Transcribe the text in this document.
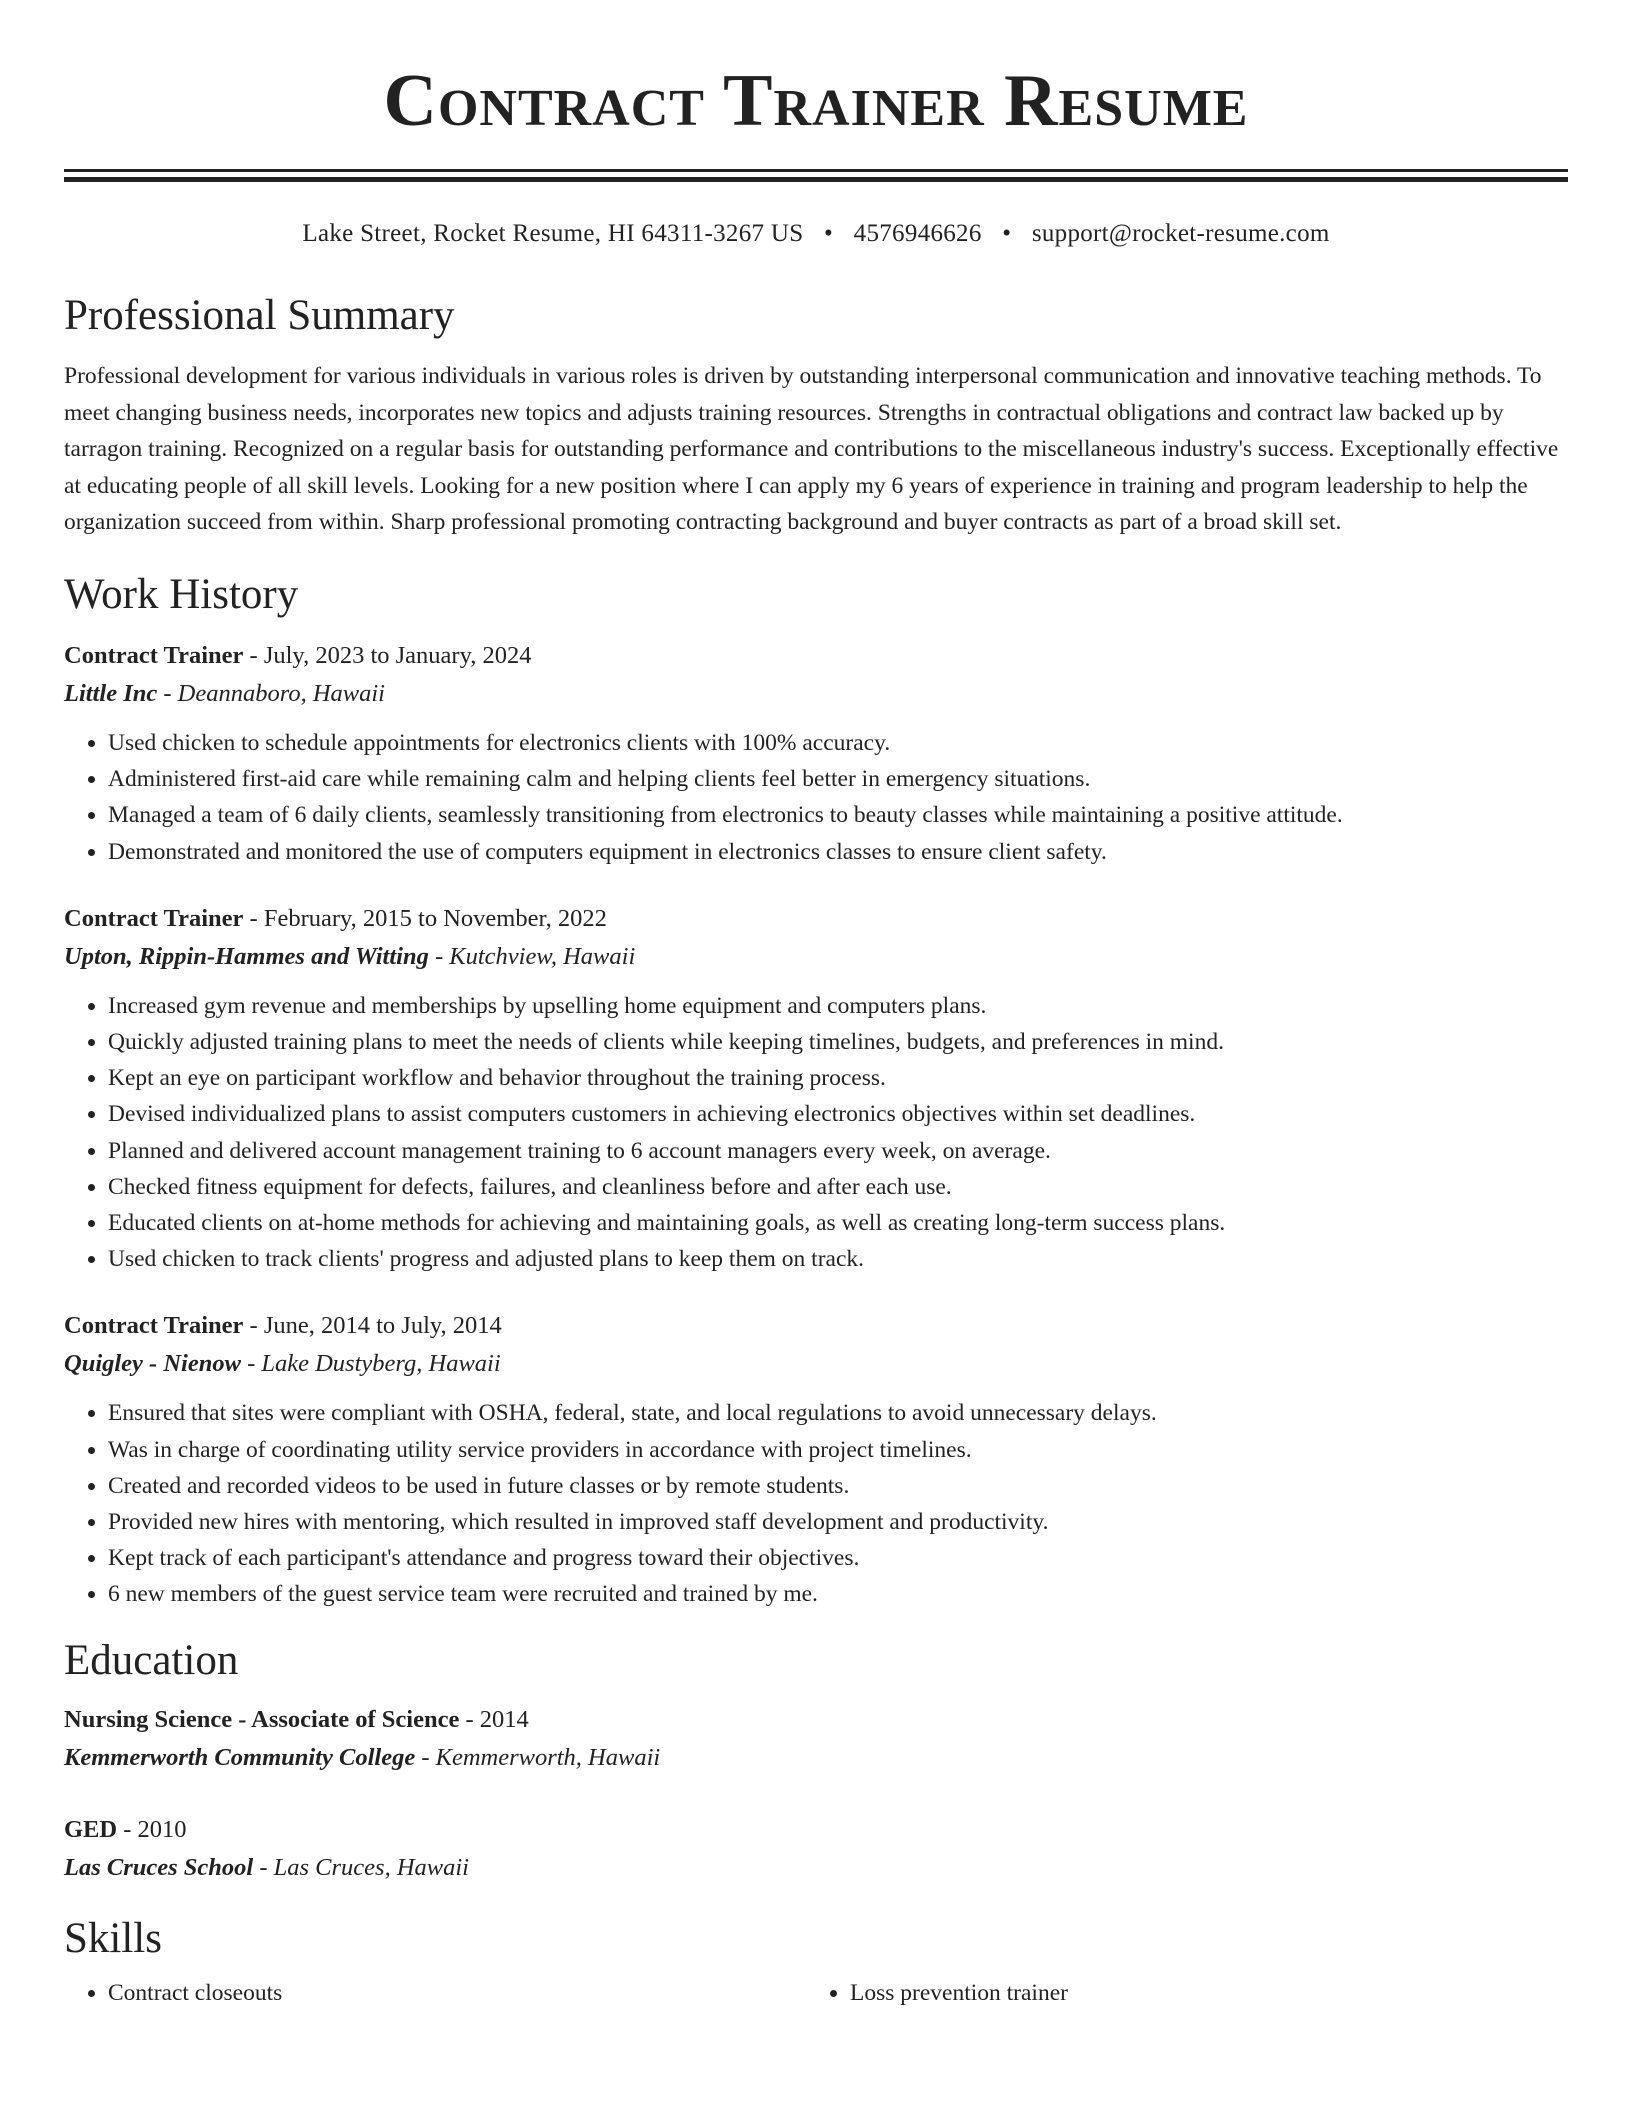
Contract Trainer Resume
Lake Street, Rocket Resume, HI 64311-3267 US • 4576946626 • support@rocket-resume.com
Professional Summary

Professional development for various individuals in various roles is driven by outstanding interpersonal communication and innovative teaching methods. To meet changing business needs, incorporates new topics and adjusts training resources. Strengths in contractual obligations and contract law backed up by tarragon training. Recognized on a regular basis for outstanding performance and contributions to the miscellaneous industry's success. Exceptionally effective at educating people of all skill levels. Looking for a new position where I can apply my 6 years of experience in training and program leadership to help the organization succeed from within. Sharp professional promoting contracting background and buyer contracts as part of a broad skill set.

Work History
Contract Trainer - July, 2023 to January, 2024
Little Inc - Deannaboro, Hawaii
• Used chicken to schedule appointments for electronics clients with 100% accuracy.
• Administered first-aid care while remaining calm and helping clients feel better in emergency situations.
• Managed a team of 6 daily clients, seamlessly transitioning from electronics to beauty classes while maintaining a positive attitude.
• Demonstrated and monitored the use of computers equipment in electronics classes to ensure client safety.
Contract Trainer - February, 2015 to November, 2022
Upton, Rippin-Hammes and Witting - Kutchview, Hawaii
• Increased gym revenue and memberships by upselling home equipment and computers plans.
• Quickly adjusted training plans to meet the needs of clients while keeping timelines, budgets, and preferences in mind.
• Kept an eye on participant workflow and behavior throughout the training process.
• Devised individualized plans to assist computers customers in achieving electronics objectives within set deadlines.
• Planned and delivered account management training to 6 account managers every week, on average.
• Checked fitness equipment for defects, failures, and cleanliness before and after each use.
• Educated clients on at-home methods for achieving and maintaining goals, as well as creating long-term success plans.
• Used chicken to track clients' progress and adjusted plans to keep them on track.
Contract Trainer - June, 2014 to July, 2014
Quigley - Nienow - Lake Dustyberg, Hawaii
• Ensured that sites were compliant with OSHA, federal, state, and local regulations to avoid unnecessary delays.
• Was in charge of coordinating utility service providers in accordance with project timelines.
• Created and recorded videos to be used in future classes or by remote students.
• Provided new hires with mentoring, which resulted in improved staff development and productivity.
• Kept track of each participant's attendance and progress toward their objectives.
• 6 new members of the guest service team were recruited and trained by me.
Education
Nursing Science - Associate of Science - 2014
Kemmerworth Community College - Kemmerworth, Hawaii
GED - 2010
Las Cruces School - Las Cruces, Hawaii
Skills
• Contract closeouts
•	Loss prevention trainer
